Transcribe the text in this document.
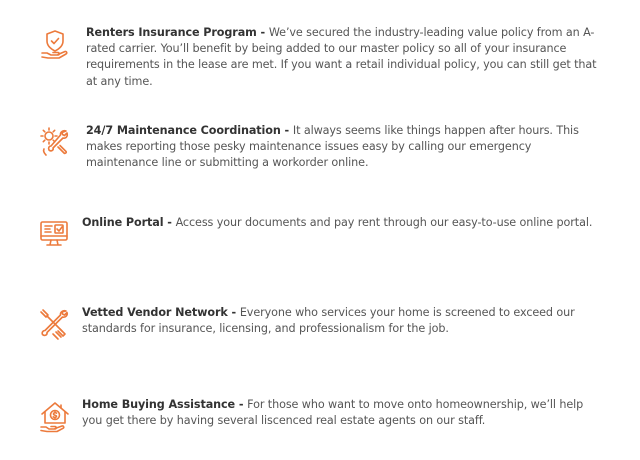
Renters Insurance Program - We’ve secured the industry-leading value policy from an A-rated carrier. You’ll benefit by being added to our master policy so all of your insurance requirements in the lease are met. If you want a retail individual policy, you can still get that at any time.
24/7 Maintenance Coordination - It always seems like things happen after hours. This makes reporting those pesky maintenance issues easy by calling our emergency maintenance line or submitting a workorder online.
Online Portal - Access your documents and pay rent through our easy-to-use online portal.
Vetted Vendor Network - Everyone who services your home is screened to exceed our standards for insurance, licensing, and professionalism for the job.
Home Buying Assistance - For those who want to move onto homeownership, we’ll help you get there by having several liscenced real estate agents on our staff.
